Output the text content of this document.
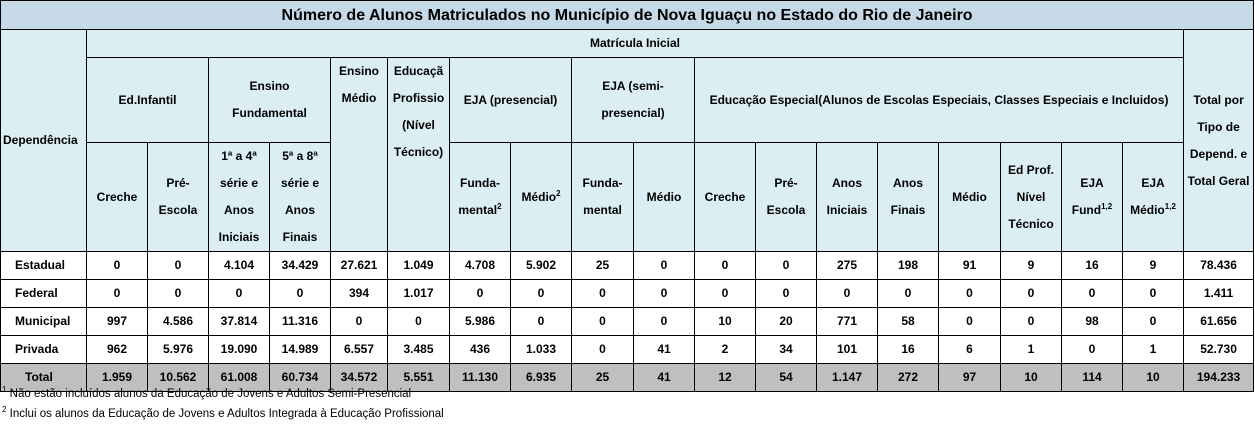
Número de Alunos Matriculados no Município de Nova Iguaçu no Estado do Rio de Janeiro																			
Dependência	Matrícula Inicial																		Total por Tipo de Depend. e Total Geral
	Ed.Infantil		Ensino Fundamental		Ensino Médio	Educaçã Profissio (Nível Técnico)	EJA (presencial)		EJA (semi-presencial)		Educação Especial(Alunos de Escolas Especiais, Classes Especiais e Incluidos)								
	Creche	Pré-Escola	1ª a 4ª série e Anos Iniciais	5ª a 8ª série e Anos Finais			Funda-mental$^2$	Médio$^2$	Funda-mental	Médio	Creche	Pré-Escola	Anos Iniciais	Anos Finais	Médio	Ed Prof. Nível Técnico	EJA Fund$^{1,2}$	EJA Médio$^{1,2}$
Estadual	0	0	4.104	34.429	27.621	1.049	4.708	5.902	25	0	0	0	275	198	91	9	16	9	78.436
Federal	0	0	0	0	394	1.017	0	0	0	0	0	0	0	0	0	0	0	0	1.411
Municipal	997	4.586	37.814	11.316	0	0	5.986	0	0	0	10	20	771	58	0	0	98	0	61.656
Privada	962	5.976	19.090	14.989	6.557	3.485	436	1.033	0	41	2	34	101	16	6	1	0	1	52.730
Total	1.959	10.562	61.008	60.734	34.572	5.551	11.130	6.935	25	41	12	54	1.147	272	97	10	114	10	194.233
$^1$ Não estão incluídos alunos da Educação de Jovens e Adultos Semi-Presencial
$^2$ Inclui os alunos da Educação de Jovens e Adultos Integrada à Educação Profissional
